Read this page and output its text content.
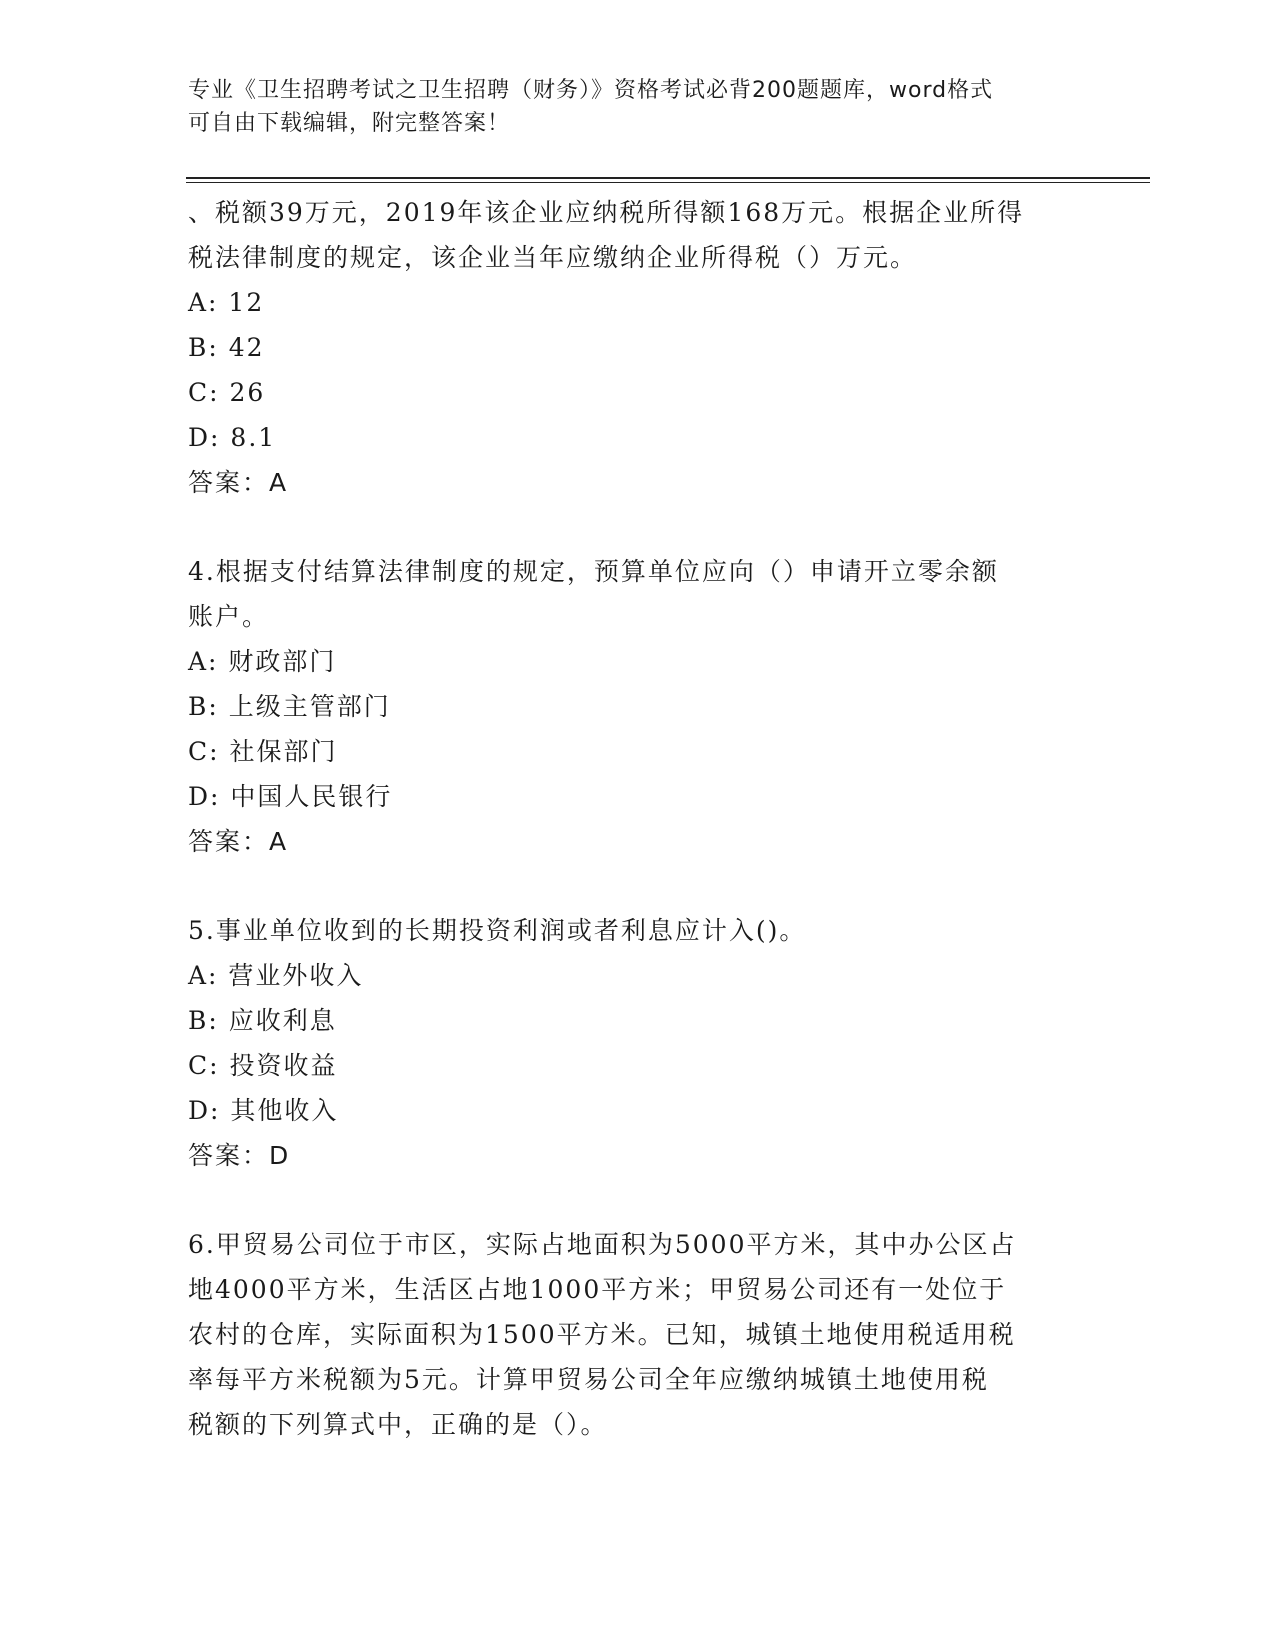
专业《卫生招聘考试之卫生招聘（财务）》资格考试必背200题题库，word格式
可自由下载编辑，附完整答案！
、税额39万元，2019年该企业应纳税所得额168万元。根据企业所得
税法律制度的规定，该企业当年应缴纳企业所得税（）万元。
A: 12
B: 42
C: 26
D: 8.1
答案：A
4.根据支付结算法律制度的规定，预算单位应向（）申请开立零余额
账户。
A: 财政部门
B: 上级主管部门
C: 社保部门
D: 中国人民银行
答案：A
5.事业单位收到的长期投资利润或者利息应计入()。
A: 营业外收入
B: 应收利息
C: 投资收益
D: 其他收入
答案：D
6.甲贸易公司位于市区，实际占地面积为5000平方米，其中办公区占
地4000平方米，生活区占地1000平方米；甲贸易公司还有一处位于
农村的仓库，实际面积为1500平方米。已知，城镇土地使用税适用税
率每平方米税额为5元。计算甲贸易公司全年应缴纳城镇土地使用税
税额的下列算式中，正确的是（）。
